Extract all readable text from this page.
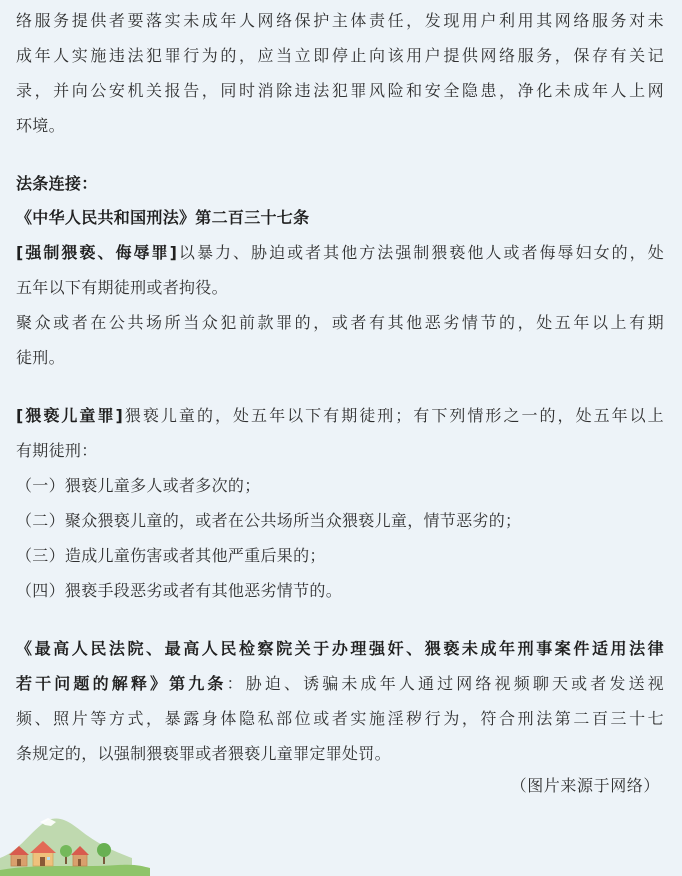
络服务提供者要落实未成年人网络保护主体责任，发现用户利用其网络服务对未
成年人实施违法犯罪行为的，应当立即停止向该用户提供网络服务，保存有关记
录，并向公安机关报告，同时消除违法犯罪风险和安全隐患，净化未成年人上网
环境。
法条连接：
《中华人民共和国刑法》第二百三十七条
[强制猥亵、侮辱罪]以暴力、胁迫或者其他方法强制猥亵他人或者侮辱妇女的，处
五年以下有期徒刑或者拘役。
聚众或者在公共场所当众犯前款罪的，或者有其他恶劣情节的，处五年以上有期
徒刑。
[猥亵儿童罪]猥亵儿童的，处五年以下有期徒刑；有下列情形之一的，处五年以上
有期徒刑：
（一）猥亵儿童多人或者多次的；
（二）聚众猥亵儿童的，或者在公共场所当众猥亵儿童，情节恶劣的；
（三）造成儿童伤害或者其他严重后果的；
（四）猥亵手段恶劣或者有其他恶劣情节的。
《最高人民法院、最高人民检察院关于办理强奸、猥亵未成年刑事案件适用法律
若干问题的解释》第九条：胁迫、诱骗未成年人通过网络视频聊天或者发送视
频、照片等方式，暴露身体隐私部位或者实施淫秽行为，符合刑法第二百三十七
条规定的，以强制猥亵罪或者猥亵儿童罪定罪处罚。
（图片来源于网络）
